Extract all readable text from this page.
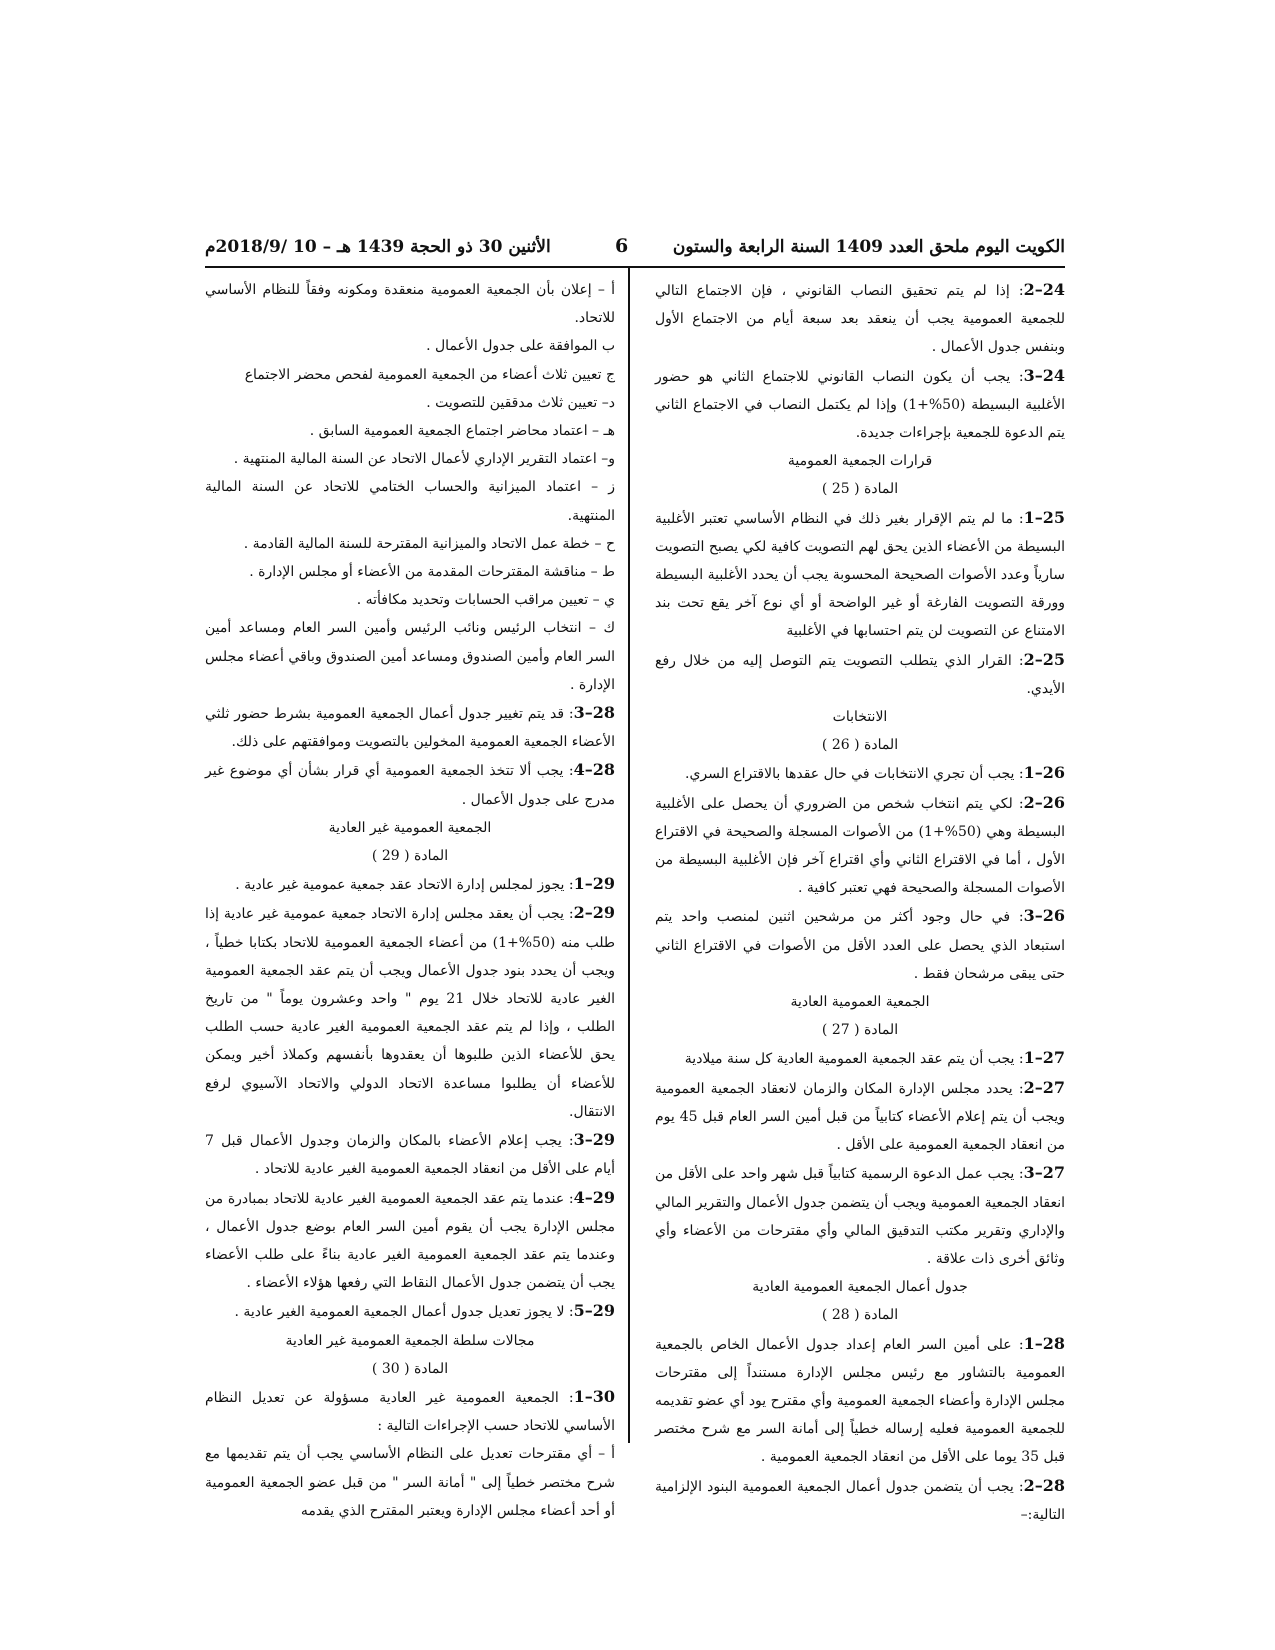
الكويت اليوم ملحق العدد 1409 السنة الرابعة والستون
6
الأثنين 30 ذو الحجة 1439 هـ – 10 /2018/9م

24–2: إذا لم يتم تحقيق النصاب القانوني ، فإن الاجتماع التالي للجمعية العمومية يجب أن ينعقد بعد سبعة أيام من الاجتماع الأول وبنفس جدول الأعمال .

24–3: يجب أن يكون النصاب القانوني للاجتماع الثاني هو حضور الأغلبية البسيطة (50%+1) وإذا لم يكتمل النصاب في الاجتماع الثاني يتم الدعوة للجمعية بإجراءات جديدة.

قرارات الجمعية العمومية

المادة ( 25 )

25–1: ما لم يتم الإقرار بغير ذلك في النظام الأساسي تعتبر الأغلبية البسيطة من الأعضاء الذين يحق لهم التصويت كافية لكي يصبح التصويت سارياً وعدد الأصوات الصحيحة المحسوبة يجب أن يحدد الأغلبية البسيطة وورقة التصويت الفارغة أو غير الواضحة أو أي نوع آخر يقع تحت بند الامتناع عن التصويت لن يتم احتسابها في الأغلبية

25–2: القرار الذي يتطلب التصويت يتم التوصل إليه من خلال رفع الأيدي.

الانتخابات

المادة ( 26 )

26–1: يجب أن تجري الانتخابات في حال عقدها بالاقتراع السري.

26–2: لكي يتم انتخاب شخص من الضروري أن يحصل على الأغلبية البسيطة وهي (50%+1) من الأصوات المسجلة والصحيحة في الاقتراع الأول ، أما في الاقتراع الثاني وأي اقتراع آخر فإن الأغلبية البسيطة من الأصوات المسجلة والصحيحة فهي تعتبر كافية .

26–3: في حال وجود أكثر من مرشحين اثنين لمنصب واحد يتم استبعاد الذي يحصل على العدد الأقل من الأصوات في الاقتراع الثاني حتى يبقى مرشحان فقط .

الجمعية العمومية العادية

المادة ( 27 )

27–1: يجب أن يتم عقد الجمعية العمومية العادية كل سنة ميلادية

27–2: يحدد مجلس الإدارة المكان والزمان لانعقاد الجمعية العمومية ويجب أن يتم إعلام الأعضاء كتابياً من قبل أمين السر العام قبل 45 يوم من انعقاد الجمعية العمومية على الأقل .

27–3: يجب عمل الدعوة الرسمية كتابياً قبل شهر واحد على الأقل من انعقاد الجمعية العمومية ويجب أن يتضمن جدول الأعمال والتقرير المالي والإداري وتقرير مكتب التدقيق المالي وأي مقترحات من الأعضاء وأي وثائق أخرى ذات علاقة .

جدول أعمال الجمعية العمومية العادية

المادة ( 28 )

28–1: على أمين السر العام إعداد جدول الأعمال الخاص بالجمعية العمومية بالتشاور مع رئيس مجلس الإدارة مستنداً إلى مقترحات مجلس الإدارة وأعضاء الجمعية العمومية وأي مقترح يود أي عضو تقديمه للجمعية العمومية فعليه إرساله خطياً إلى أمانة السر مع شرح مختصر قبل 35 يوما على الأقل من انعقاد الجمعية العمومية .

28–2: يجب أن يتضمن جدول أعمال الجمعية العمومية البنود الإلزامية التالية:–

أ – إعلان بأن الجمعية العمومية منعقدة ومكونه وفقاً للنظام الأساسي للاتحاد.

ب الموافقة على جدول الأعمال .

ج تعيين ثلاث أعضاء من الجمعية العمومية لفحص محضر الاجتماع

د– تعيين ثلاث مدققين للتصويت .

هـ – اعتماد محاضر اجتماع الجمعية العمومية السابق .

و– اعتماد التقرير الإداري لأعمال الاتحاد عن السنة المالية المنتهية .

ز – اعتماد الميزانية والحساب الختامي للاتحاد عن السنة المالية المنتهية.

ح – خطة عمل الاتحاد والميزانية المقترحة للسنة المالية القادمة .

ط – مناقشة المقترحات المقدمة من الأعضاء أو مجلس الإدارة .

ي – تعيين مراقب الحسابات وتحديد مكافأته .

ك – انتخاب الرئيس ونائب الرئيس وأمين السر العام ومساعد أمين السر العام وأمين الصندوق ومساعد أمين الصندوق وباقي أعضاء مجلس الإدارة .

28–3: قد يتم تغيير جدول أعمال الجمعية العمومية بشرط حضور ثلثي الأعضاء الجمعية العمومية المخولين بالتصويت وموافقتهم على ذلك.

28–4: يجب ألا تتخذ الجمعية العمومية أي قرار بشأن أي موضوع غير مدرج على جدول الأعمال .

الجمعية العمومية غير العادية

المادة ( 29 )

29–1: يجوز لمجلس إدارة الاتحاد عقد جمعية عمومية غير عادية .

29–2: يجب أن يعقد مجلس إدارة الاتحاد جمعية عمومية غير عادية إذا طلب منه (50%+1) من أعضاء الجمعية العمومية للاتحاد بكتابا خطياً ، ويجب أن يحدد بنود جدول الأعمال ويجب أن يتم عقد الجمعية العمومية الغير عادية للاتحاد خلال 21 يوم " واحد وعشرون يوماً " من تاريخ الطلب ، وإذا لم يتم عقد الجمعية العمومية الغير عادية حسب الطلب يحق للأعضاء الذين طلبوها أن يعقدوها بأنفسهم وكملاذ أخير ويمكن للأعضاء أن يطلبوا مساعدة الاتحاد الدولي والاتحاد الآسيوي لرفع الانتقال.

29–3: يجب إعلام الأعضاء بالمكان والزمان وجدول الأعمال قبل 7 أيام على الأقل من انعقاد الجمعية العمومية الغير عادية للاتحاد .

29–4: عندما يتم عقد الجمعية العمومية الغير عادية للاتحاد بمبادرة من مجلس الإدارة يجب أن يقوم أمين السر العام بوضع جدول الأعمال ، وعندما يتم عقد الجمعية العمومية الغير عادية بناءً على طلب الأعضاء يجب أن يتضمن جدول الأعمال النقاط التي رفعها هؤلاء الأعضاء .

29–5: لا يجوز تعديل جدول أعمال الجمعية العمومية الغير عادية .

مجالات سلطة الجمعية العمومية غير العادية

المادة ( 30 )

30–1: الجمعية العمومية غير العادية مسؤولة عن تعديل النظام الأساسي للاتحاد حسب الإجراءات التالية :

أ – أي مقترحات تعديل على النظام الأساسي يجب أن يتم تقديمها مع شرح مختصر خطياً إلى " أمانة السر " من قبل عضو الجمعية العمومية أو أحد أعضاء مجلس الإدارة ويعتبر المقترح الذي يقدمه
